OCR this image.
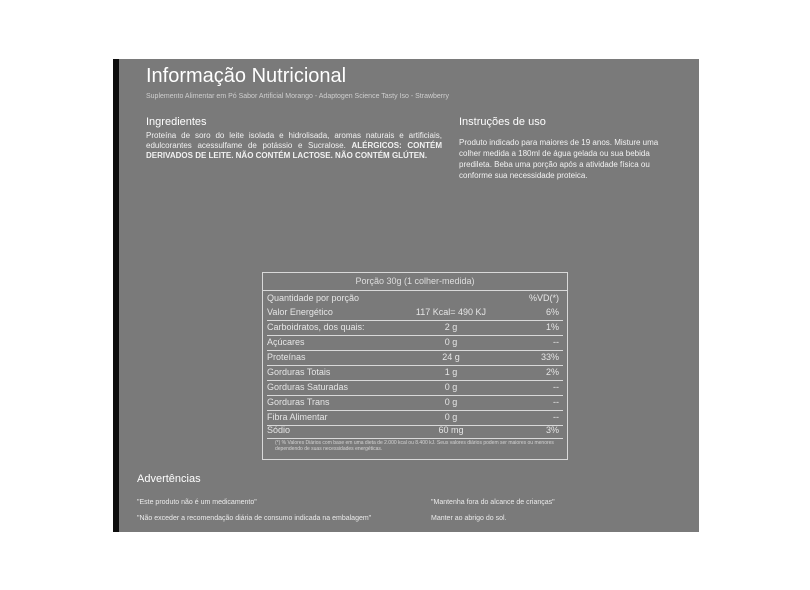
Informação Nutricional
Suplemento Alimentar em Pó Sabor Artificial Morango - Adaptogen Science Tasty Iso - Strawberry
Ingredientes
Proteína de soro do leite isolada e hidrolisada, aromas naturais e artificiais, edulcorantes acessulfame de potássio e Sucralose. ALÉRGICOS: CONTÉM DERIVADOS DE LEITE. NÃO CONTÉM LACTOSE. NÃO CONTÉM GLÚTEN.
Instruções de uso
Produto indicado para maiores de 19 anos. Misture uma colher medida a 180ml de água gelada ou sua bebida predileta. Beba uma porção após a atividade física ou conforme sua necessidade proteica.
Porção 30g (1 colher-medida)
Quantidade por porção	%VD(*)
Valor Energético	117 Kcal= 490 KJ	6%
Carboidratos, dos quais:	2 g	1%
Açúcares	0 g	--
Proteínas	24 g	33%
Gorduras Totais	1 g	2%
Gorduras Saturadas	0 g	--
Gorduras Trans	0 g	--
Fibra Alimentar	0 g	--
Sódio	60 mg	3%
(*) % Valores Diários com base em uma dieta de 2.000 kcal ou 8.400 kJ. Seus valores diários podem ser maiores ou menores dependendo de suas necessidades energéticas.
Advertências
"Este produto não é um medicamento"	"Mantenha fora do alcance de crianças"
"Não exceder a recomendação diária de consumo indicada na embalagem"	Manter ao abrigo do sol.
